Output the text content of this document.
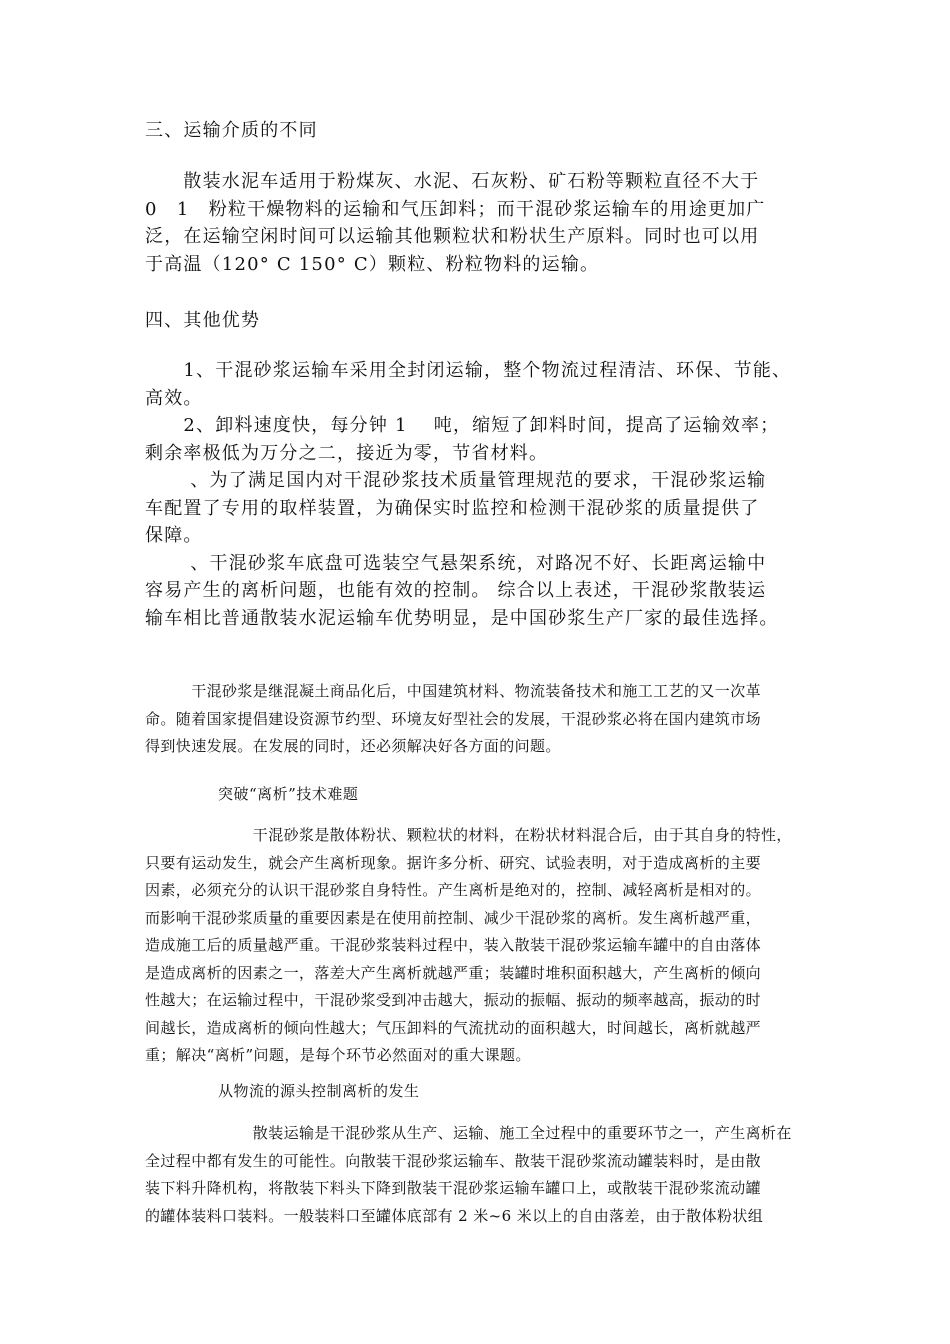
三、运输介质的不同
　　散装水泥车适用于粉煤灰、水泥、石灰粉、矿石粉等颗粒直径不大于
0　1　粉粒干燥物料的运输和气压卸料；而干混砂浆运输车的用途更加广
泛，在运输空闲时间可以运输其他颗粒状和粉状生产原料。同时也可以用
于高温（120° C 150° C）颗粒、粉粒物料的运输。
四、其他优势
　　1、干混砂浆运输车采用全封闭运输，整个物流过程清洁、环保、节能、
高效。
　　2、卸料速度快，每分钟 1　 吨，缩短了卸料时间，提高了运输效率；
剩余率极低为万分之二，接近为零，节省材料。
　　 、为了满足国内对干混砂浆技术质量管理规范的要求，干混砂浆运输
车配置了专用的取样装置，为确保实时监控和检测干混砂浆的质量提供了
保障。
　　 、干混砂浆车底盘可选装空气悬架系统，对路况不好、长距离运输中
容易产生的离析问题，也能有效的控制。 综合以上表述，干混砂浆散装运
输车相比普通散装水泥运输车优势明显，是中国砂浆生产厂家的最佳选择。
　　　干混砂浆是继混凝土商品化后，中国建筑材料、物流装备技术和施工工艺的又一次革
命。随着国家提倡建设资源节约型、环境友好型社会的发展，干混砂浆必将在国内建筑市场
得到快速发展。在发展的同时，还必须解决好各方面的问题。
突破“离析”技术难题
　　　　　　　干混砂浆是散体粉状、颗粒状的材料，在粉状材料混合后，由于其自身的特性，
只要有运动发生，就会产生离析现象。据许多分析、研究、试验表明，对于造成离析的主要
因素，必须充分的认识干混砂浆自身特性。产生离析是绝对的，控制、减轻离析是相对的。
而影响干混砂浆质量的重要因素是在使用前控制、减少干混砂浆的离析。发生离析越严重，
造成施工后的质量越严重。干混砂浆装料过程中，装入散装干混砂浆运输车罐中的自由落体
是造成离析的因素之一，落差大产生离析就越严重；装罐时堆积面积越大，产生离析的倾向
性越大；在运输过程中，干混砂浆受到冲击越大，振动的振幅、振动的频率越高，振动的时
间越长，造成离析的倾向性越大；气压卸料的气流扰动的面积越大，时间越长，离析就越严
重；解决“离析”问题，是每个环节必然面对的重大课题。
从物流的源头控制离析的发生
　　　　　　　散装运输是干混砂浆从生产、运输、施工全过程中的重要环节之一，产生离析在
全过程中都有发生的可能性。向散装干混砂浆运输车、散装干混砂浆流动罐装料时，是由散
装下料升降机构，将散装下料头下降到散装干混砂浆运输车罐口上，或散装干混砂浆流动罐
的罐体装料口装料。一般装料口至罐体底部有 2 米~6 米以上的自由落差，由于散体粉状组
